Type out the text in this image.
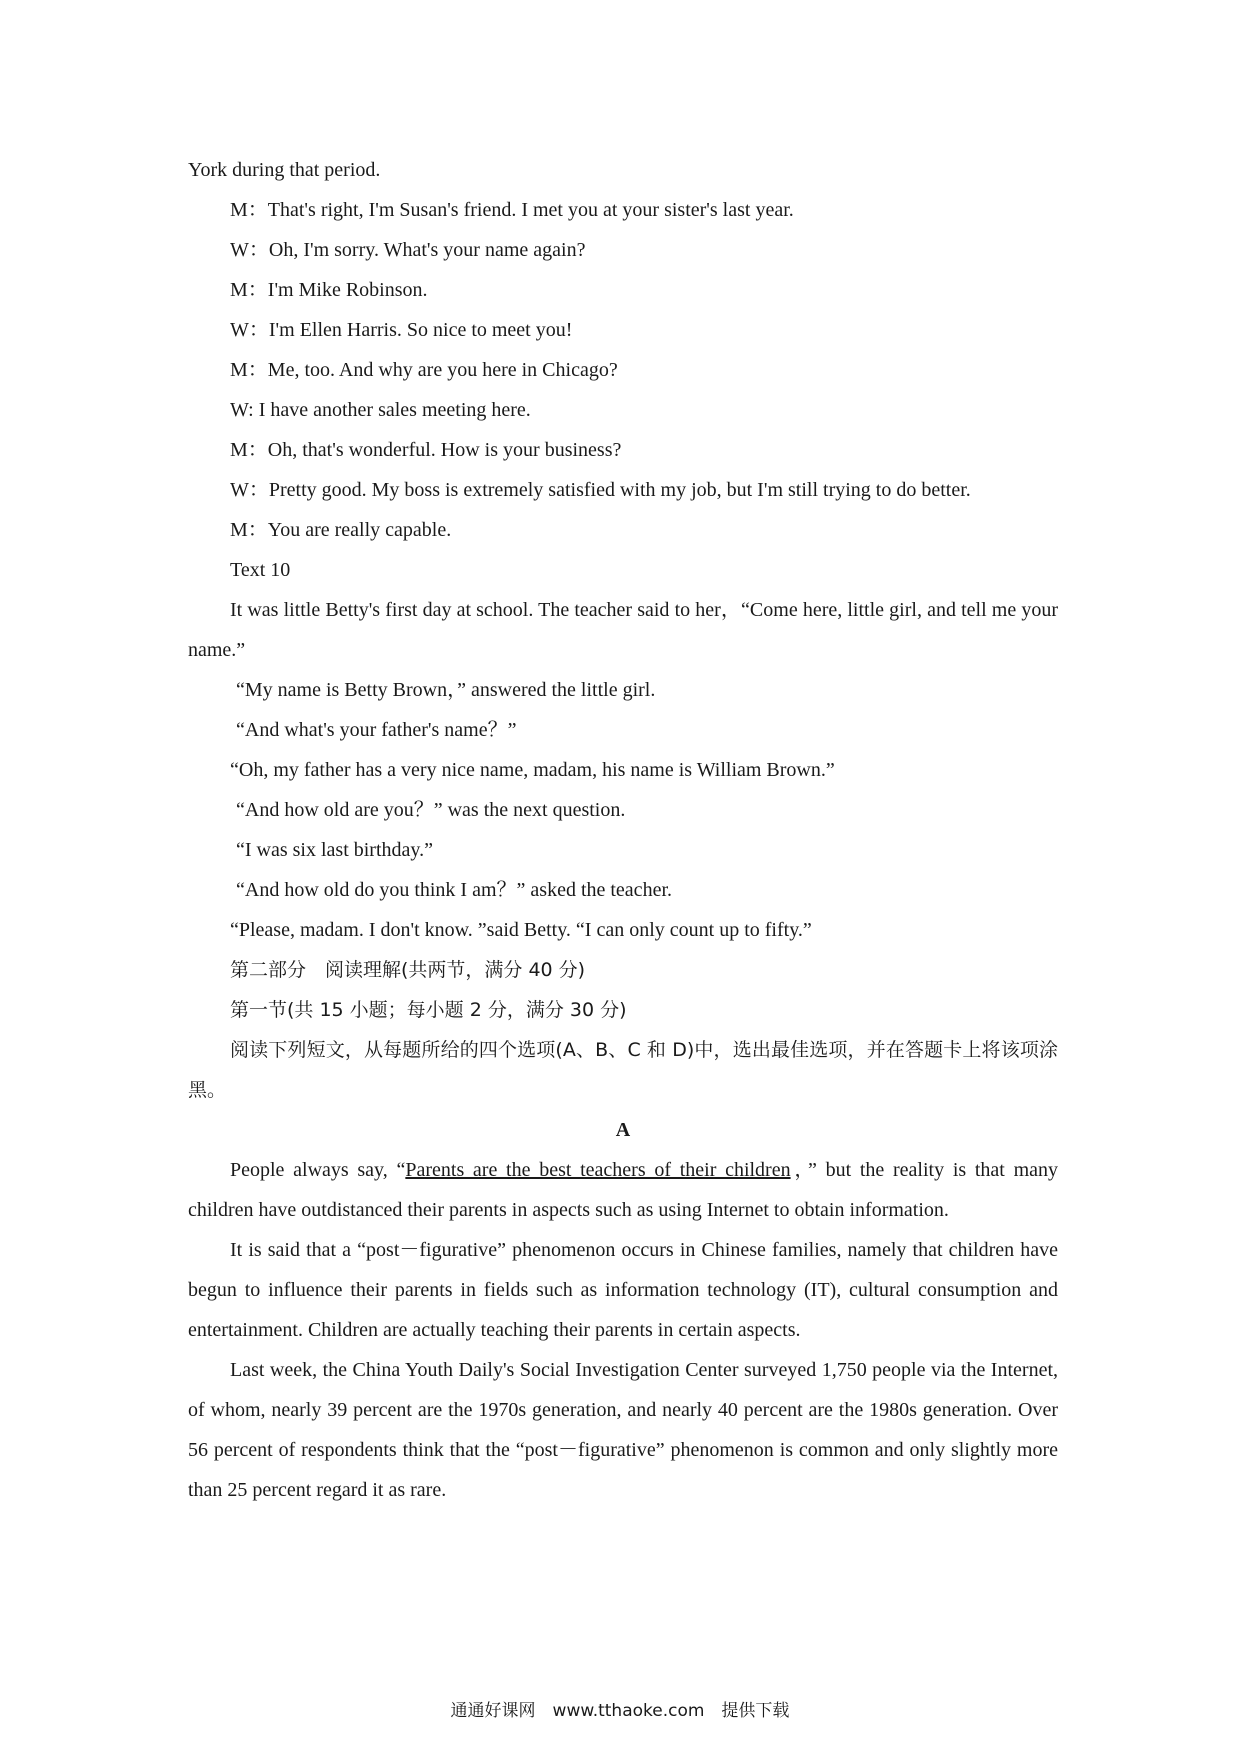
York during that period.
M：That's right, I'm Susan's friend. I met you at your sister's last year.
W：Oh, I'm sorry. What's your name again?
M：I'm Mike Robinson.
W：I'm Ellen Harris. So nice to meet you!
M：Me, too. And why are you here in Chicago?
W: I have another sales meeting here.
M：Oh, that's wonderful. How is your business?
W：Pretty good. My boss is extremely satisfied with my job, but I'm still trying to do better.
M：You are really capable.
Text 10
It was little Betty's first day at school. The teacher said to her，“Come here, little girl, and tell me your name.”
“My name is Betty Brown，” answered the little girl.
“And what's your father's name？”
“Oh, my father has a very nice name, madam, his name is William Brown.”
“And how old are you？” was the next question.
“I was six last birthday.”
“And how old do you think I am？” asked the teacher.
“Please, madam. I don't know. ”said Betty. “I can only count up to fifty.”
第二部分　阅读理解(共两节，满分 40 分)
第一节(共 15 小题；每小题 2 分，满分 30 分)
阅读下列短文，从每题所给的四个选项(A、B、C 和 D)中，选出最佳选项，并在答题卡上将该项涂黑。
A

People always say, “Parents are the best teachers of their children，” but the reality is that many children have outdistanced their parents in aspects such as using Internet to obtain information.

It is said that a “post－figurative” phenomenon occurs in Chinese families, namely that children have begun to influence their parents in fields such as information technology (IT), cultural consumption and entertainment. Children are actually teaching their parents in certain aspects.
Last week, the China Youth Daily's Social Investigation Center surveyed 1,750 people via the Internet, of whom, nearly 39 percent are the 1970s generation, and nearly 40 percent are the 1980s generation. Over 56 percent of respondents think that the “post－figurative” phenomenon is common and only slightly more than 25 percent regard it as rare.
通通好课网　www.tthaoke.com　提供下载
